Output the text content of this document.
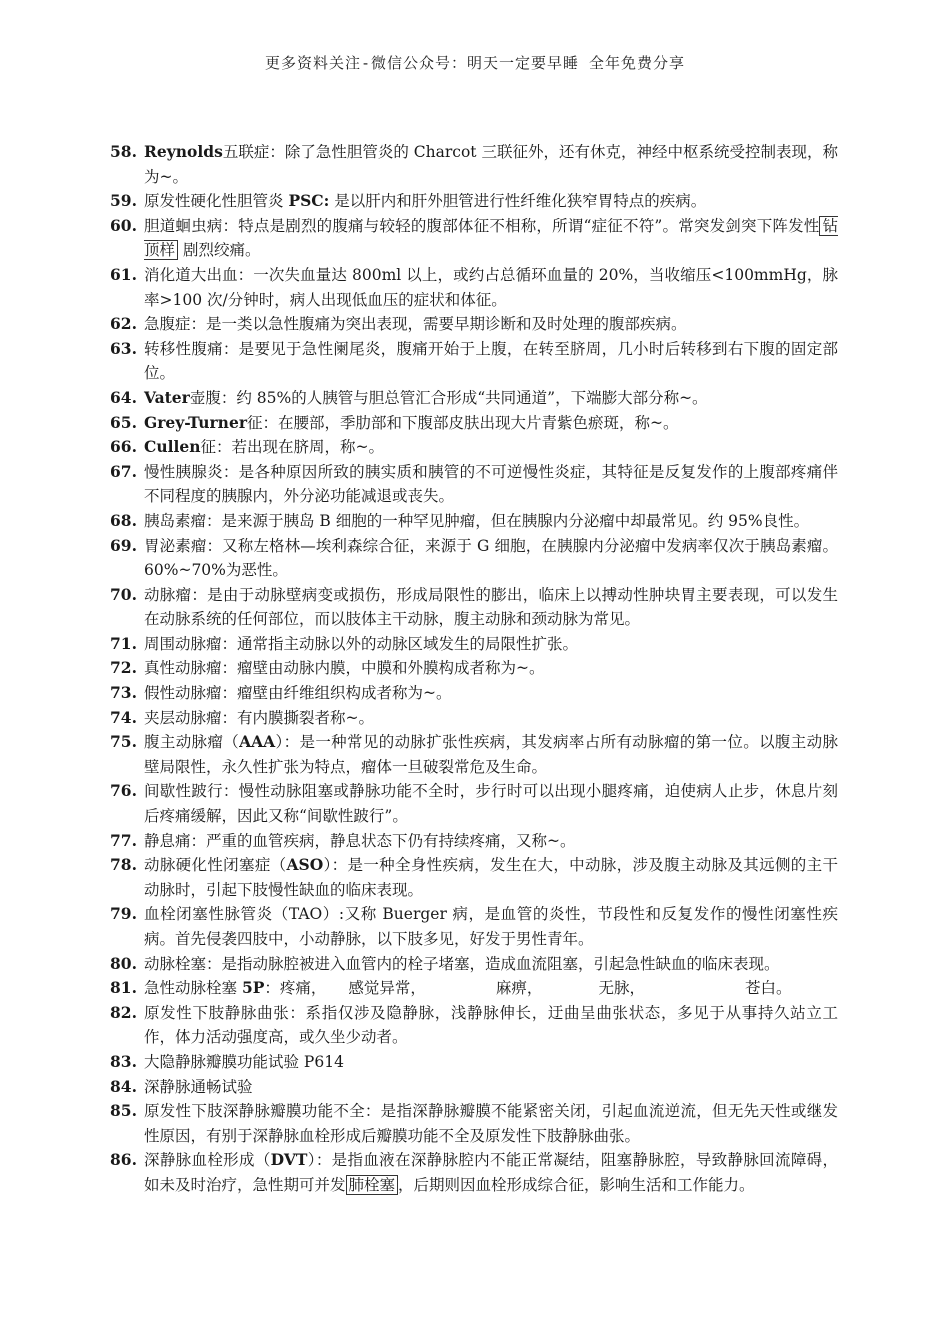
更多资料关注-微信公众号：明天一定要早睡 全年免费分享
58. Reynolds五联症：除了急性胆管炎的 Charcot 三联征外，还有休克，神经中枢系统受控制表现，称为~。
59. 原发性硬化性胆管炎 PSC: 是以肝内和肝外胆管进行性纤维化狭窄胃特点的疾病。
60. 胆道蛔虫病：特点是剧烈的腹痛与较轻的腹部体征不相称，所谓“症征不符”。常突发剑突下阵发性 钻顶样 剧烈绞痛。
61. 消化道大出血：一次失血量达 800ml 以上，或约占总循环血量的 20%，当收缩压<100mmHg，脉率>100 次/分钟时，病人出现低血压的症状和体征。
62. 急腹症：是一类以急性腹痛为突出表现，需要早期诊断和及时处理的腹部疾病。
63. 转移性腹痛：是要见于急性阑尾炎，腹痛开始于上腹，在转至脐周，几小时后转移到右下腹的固定部位。
64. Vater壶腹：约 85%的人胰管与胆总管汇合形成“共同通道”，下端膨大部分称~。
65. Grey-Turner征：在腰部，季肋部和下腹部皮肤出现大片青紫色瘀斑，称~。
66. Cullen征：若出现在脐周，称~。
67. 慢性胰腺炎：是各种原因所致的胰实质和胰管的不可逆慢性炎症，其特征是反复发作的上腹部疼痛伴不同程度的胰腺内，外分泌功能减退或丧失。
68. 胰岛素瘤：是来源于胰岛 B 细胞的一种罕见肿瘤，但在胰腺内分泌瘤中却最常见。约 95%良性。
69. 胃泌素瘤：又称左格林—埃利森综合征，来源于 G 细胞，在胰腺内分泌瘤中发病率仅次于胰岛素瘤。60%~70%为恶性。
70. 动脉瘤：是由于动脉壁病变或损伤，形成局限性的膨出，临床上以搏动性肿块胃主要表现，可以发生在动脉系统的任何部位，而以肢体主干动脉，腹主动脉和颈动脉为常见。
71. 周围动脉瘤：通常指主动脉以外的动脉区域发生的局限性扩张。
72. 真性动脉瘤：瘤壁由动脉内膜，中膜和外膜构成者称为~。
73. 假性动脉瘤：瘤壁由纤维组织构成者称为~。
74. 夹层动脉瘤：有内膜撕裂者称~。
75. 腹主动脉瘤（AAA）：是一种常见的动脉扩张性疾病，其发病率占所有动脉瘤的第一位。以腹主动脉壁局限性，永久性扩张为特点，瘤体一旦破裂常危及生命。
76. 间歇性跛行：慢性动脉阻塞或静脉功能不全时，步行时可以出现小腿疼痛，迫使病人止步，休息片刻后疼痛缓解，因此又称“间歇性跛行”。
77. 静息痛：严重的血管疾病，静息状态下仍有持续疼痛，又称~。
78. 动脉硬化性闭塞症（ASO）：是一种全身性疾病，发生在大，中动脉，涉及腹主动脉及其远侧的主干动脉时，引起下肢慢性缺血的临床表现。
79. 血栓闭塞性脉管炎（TAO）:又称 Buerger 病，是血管的炎性，节段性和反复发作的慢性闭塞性疾病。首先侵袭四肢中，小动静脉，以下肢多见，好发于男性青年。
80. 动脉栓塞：是指动脉腔被进入血管内的栓子堵塞，造成血流阻塞，引起急性缺血的临床表现。
81. 急性动脉栓塞 5P：疼痛， 感觉异常，	麻痹，	无脉，	苍白。
82. 原发性下肢静脉曲张：系指仅涉及隐静脉，浅静脉伸长，迂曲呈曲张状态，多见于从事持久站立工作，体力活动强度高，或久坐少动者。
83. 大隐静脉瓣膜功能试验 P614
84. 深静脉通畅试验
85. 原发性下肢深静脉瓣膜功能不全：是指深静脉瓣膜不能紧密关闭，引起血流逆流，但无先天性或继发性原因，有别于深静脉血栓形成后瓣膜功能不全及原发性下肢静脉曲张。
86. 深静脉血栓形成（DVT）：是指血液在深静脉腔内不能正常凝结，阻塞静脉腔，导致静脉回流障碍，如未及时治疗，急性期可并发 肺栓塞 ，后期则因血栓形成综合征，影响生活和工作能力。
